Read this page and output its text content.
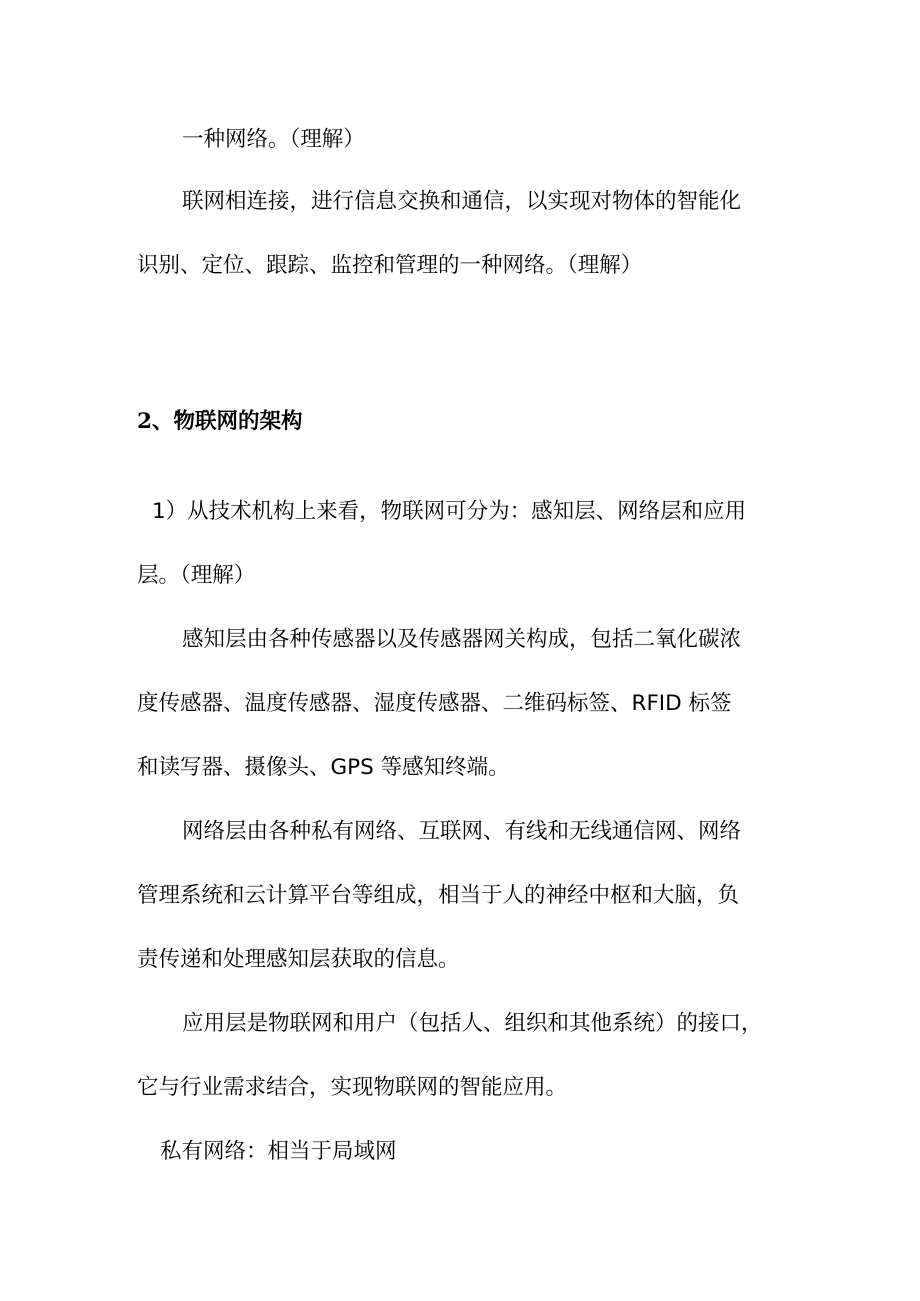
一种网络。（理解）
联网相连接，进行信息交换和通信，以实现对物体的智能化
识别、定位、跟踪、监控和管理的一种网络。（理解）
2、物联网的架构
1）从技术机构上来看，物联网可分为：感知层、网络层和应用
层。（理解）
感知层由各种传感器以及传感器网关构成，包括二氧化碳浓
度传感器、温度传感器、湿度传感器、二维码标签、RFID 标签
和读写器、摄像头、GPS 等感知终端。
网络层由各种私有网络、互联网、有线和无线通信网、网络
管理系统和云计算平台等组成，相当于人的神经中枢和大脑，负
责传递和处理感知层获取的信息。
应用层是物联网和用户（包括人、组织和其他系统）的接口，
它与行业需求结合，实现物联网的智能应用。
私有网络：相当于局域网
